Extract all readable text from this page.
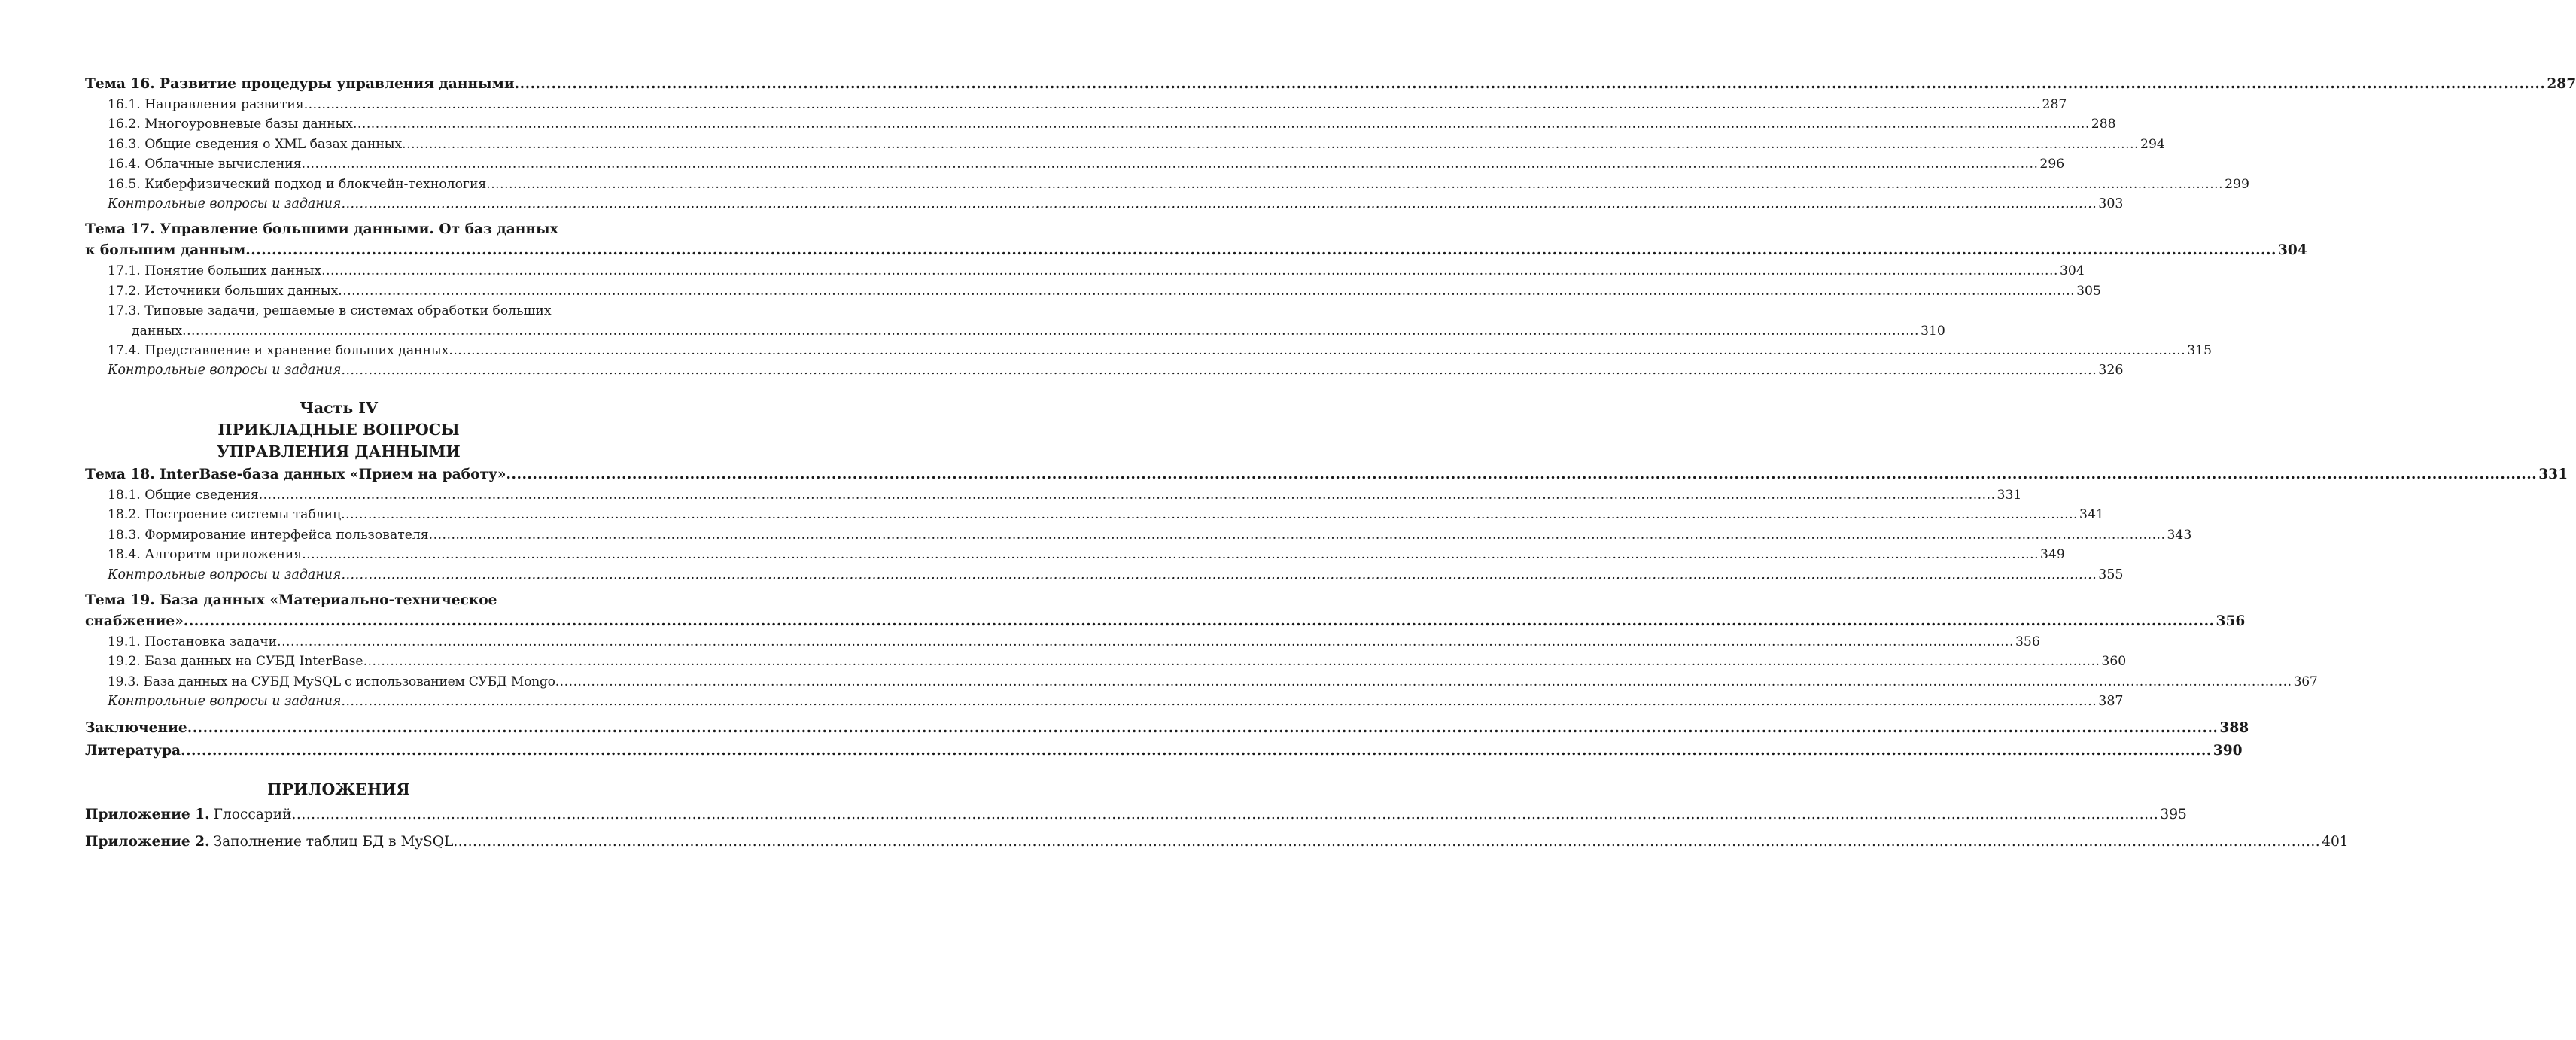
Тема 16. Развитие процедуры управления данными .....	287
16.1. Направления развития .....	287
16.2. Многоуровневые базы данных .....	288
16.3. Общие сведения о XML базах данных .....	294
16.4. Облачные вычисления .....	296
16.5. Киберфизический подход и блокчейн-технология .....	299
Контрольные вопросы и задания .....	303
Тема 17. Управление большими данными. От баз данных
к большим данным .....	304
17.1. Понятие больших данных .....	304
17.2. Источники больших данных .....	305
17.3. Типовые задачи, решаемые в системах обработки больших
данных .....	310
17.4. Представление и хранение больших данных .....	315
Контрольные вопросы и задания .....	326
Часть IV
ПРИКЛАДНЫЕ ВОПРОСЫ
УПРАВЛЕНИЯ ДАННЫМИ
Тема 18. InterBase-база данных «Прием на работу» .....	331
18.1. Общие сведения .....	331
18.2. Построение системы таблиц .....	341
18.3. Формирование интерфейса пользователя .....	343
18.4. Алгоритм приложения .....	349
Контрольные вопросы и задания .....	355
Тема 19. База данных «Материально-техническое
снабжение» .....	356
19.1. Постановка задачи .....	356
19.2. База данных на СУБД InterBase .....	360
19.3. База данных на СУБД MySQL с использованием СУБД Mongo .....	367
Контрольные вопросы и задания .....	387
Заключение .....	388
Литература .....	390
ПРИЛОЖЕНИЯ
Приложение 1. Глоссарий .....	395
Приложение 2. Заполнение таблиц БД в MySQL .....	401
